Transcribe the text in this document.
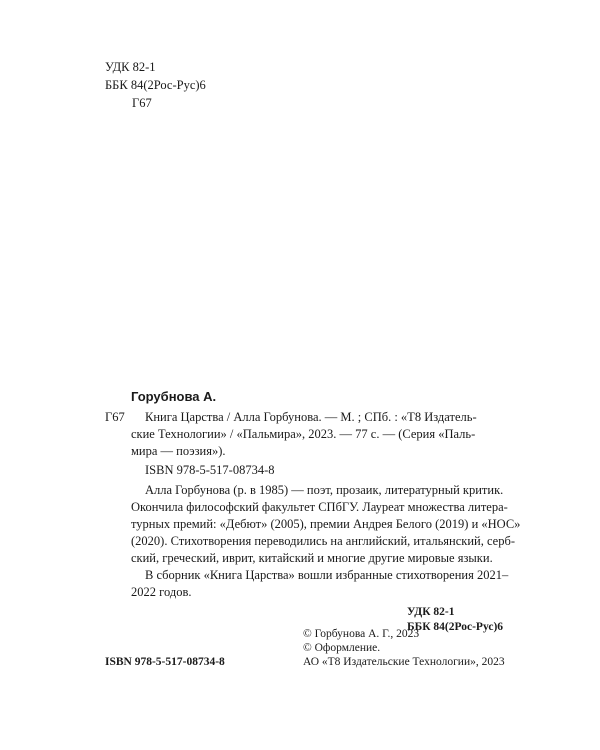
УДК 82-1
ББК 84(2Рос-Рус)6
Г67
Горубнова А.
Г67 Книга Царства / Алла Горбунова. — М. ; СПб. : «Т8 Издатель-
ские Технологии» / «Пальмира», 2023. — 77 с. — (Серия «Паль-
мира — поэзия»).
ISBN 978-5-517-08734-8
Алла Горбунова (р. в 1985) — поэт, прозаик, литературный критик.
Окончила философский факультет СПбГУ. Лауреат множества литера-
турных премий: «Дебют» (2005), премии Андрея Белого (2019) и «НОС»
(2020). Стихотворения переводились на английский, итальянский, серб-
ский, греческий, иврит, китайский и многие другие мировые языки.
В сборник «Книга Царства» вошли избранные стихотворения 2021–
2022 годов.
УДК 82-1
ББК 84(2Рос-Рус)6
ISBN 978-5-517-08734-8
© Горбунова А. Г., 2023
© Оформление.
АО «Т8 Издательские Технологии», 2023
